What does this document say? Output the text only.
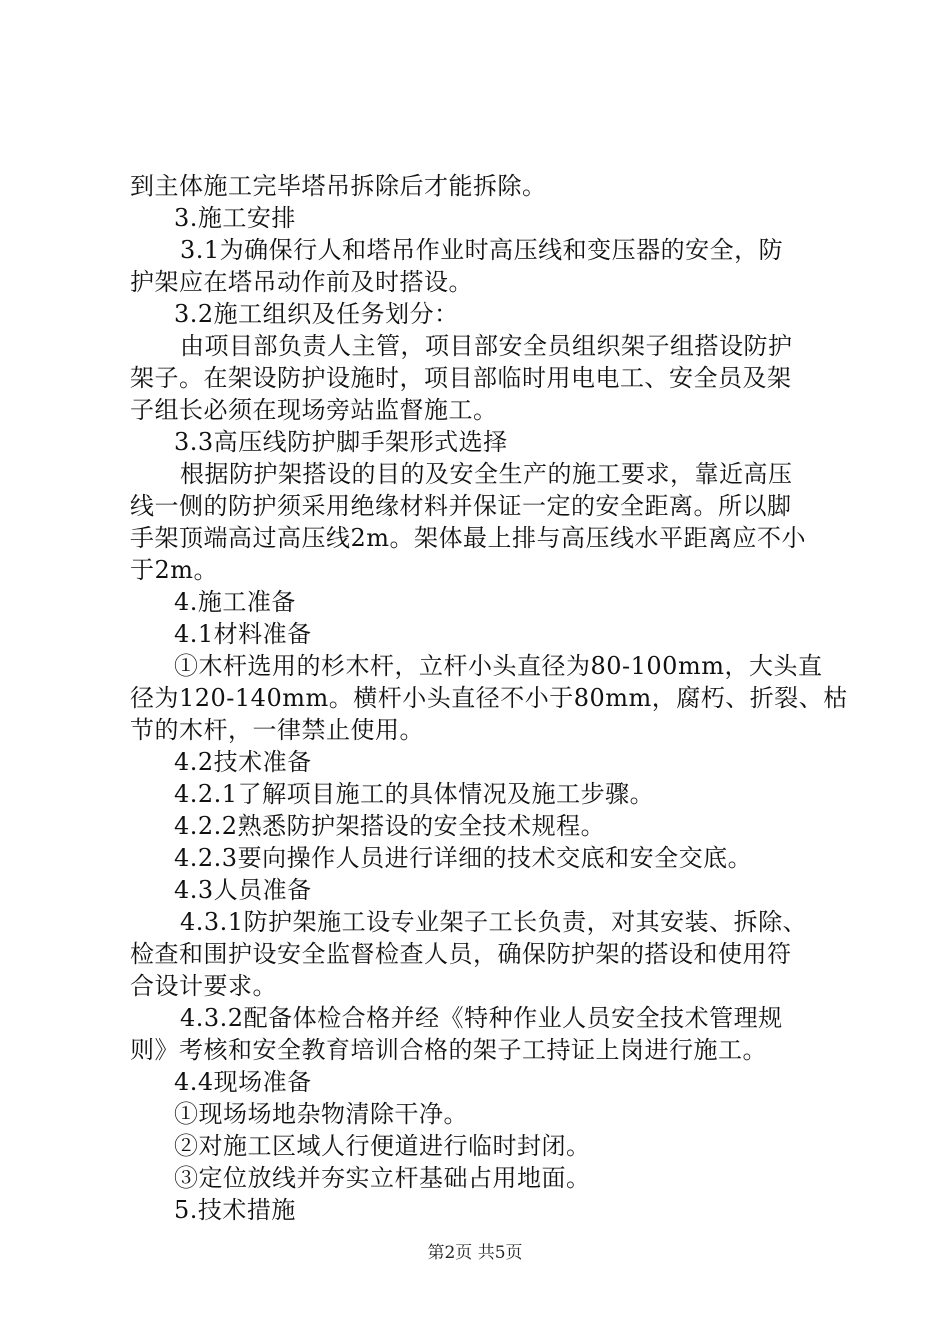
到主体施工完毕塔吊拆除后才能拆除。
3.施工安排
3.1为确保行人和塔吊作业时高压线和变压器的安全，防
护架应在塔吊动作前及时搭设。
3.2施工组织及任务划分：
由项目部负责人主管，项目部安全员组织架子组搭设防护
架子。在架设防护设施时，项目部临时用电电工、安全员及架
子组长必须在现场旁站监督施工。
3.3高压线防护脚手架形式选择
根据防护架搭设的目的及安全生产的施工要求，靠近高压
线一侧的防护须采用绝缘材料并保证一定的安全距离。所以脚
手架顶端高过高压线2m。架体最上排与高压线水平距离应不小
于2m。
4.施工准备
4.1材料准备
①木杆选用的杉木杆，立杆小头直径为80-100mm，大头直
径为120-140mm。横杆小头直径不小于80mm，腐朽、折裂、枯
节的木杆，一律禁止使用。
4.2技术准备
4.2.1了解项目施工的具体情况及施工步骤。
4.2.2熟悉防护架搭设的安全技术规程。
4.2.3要向操作人员进行详细的技术交底和安全交底。
4.3人员准备
4.3.1防护架施工设专业架子工长负责，对其安装、拆除、
检查和围护设安全监督检查人员，确保防护架的搭设和使用符
合设计要求。
4.3.2配备体检合格并经《特种作业人员安全技术管理规
则》考核和安全教育培训合格的架子工持证上岗进行施工。
4.4现场准备
①现场场地杂物清除干净。
②对施工区域人行便道进行临时封闭。
③定位放线并夯实立杆基础占用地面。
5.技术措施
第2页 共5页
